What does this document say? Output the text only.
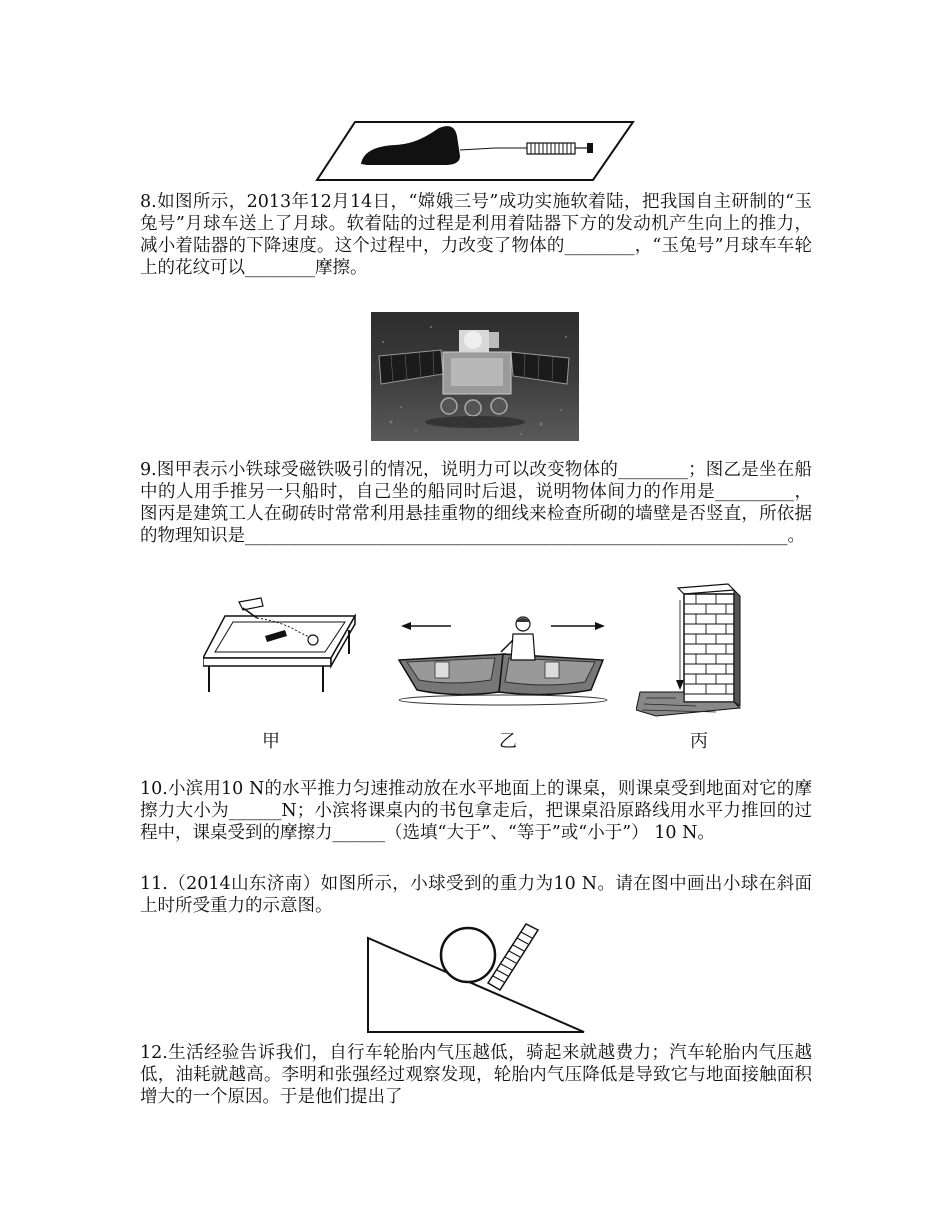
8.如图所示，2013年12月14日，“嫦娥三号”成功实施软着陆，把我国自主研制的“玉兔号”月球车送上了月球。软着陆的过程是利用着陆器下方的发动机产生向上的推力，减小着陆器的下降速度。这个过程中，力改变了物体的________，“玉兔号”月球车车轮上的花纹可以________摩擦。
9.图甲表示小铁球受磁铁吸引的情况，说明力可以改变物体的________；图乙是坐在船中的人用手推另一只船时，自己坐的船同时后退，说明物体间力的作用是_________，图丙是建筑工人在砌砖时常常利用悬挂重物的细线来检查所砌的墙壁是否竖直，所依据的物理知识是______________________________________________________________。
甲	乙	丙
10.小滨用10 N的水平推力匀速推动放在水平地面上的课桌，则课桌受到地面对它的摩擦力大小为______N；小滨将课桌内的书包拿走后，把课桌沿原路线用水平力推回的过程中，课桌受到的摩擦力______（选填“大于”、“等于”或“小于”） 10 N。
11.（2014山东济南）如图所示，小球受到的重力为10 N。请在图中画出小球在斜面上时所受重力的示意图。
12.生活经验告诉我们，自行车轮胎内气压越低，骑起来就越费力；汽车轮胎内气压越低，油耗就越高。李明和张强经过观察发现，轮胎内气压降低是导致它与地面接触面积增大的一个原因。于是他们提出了
